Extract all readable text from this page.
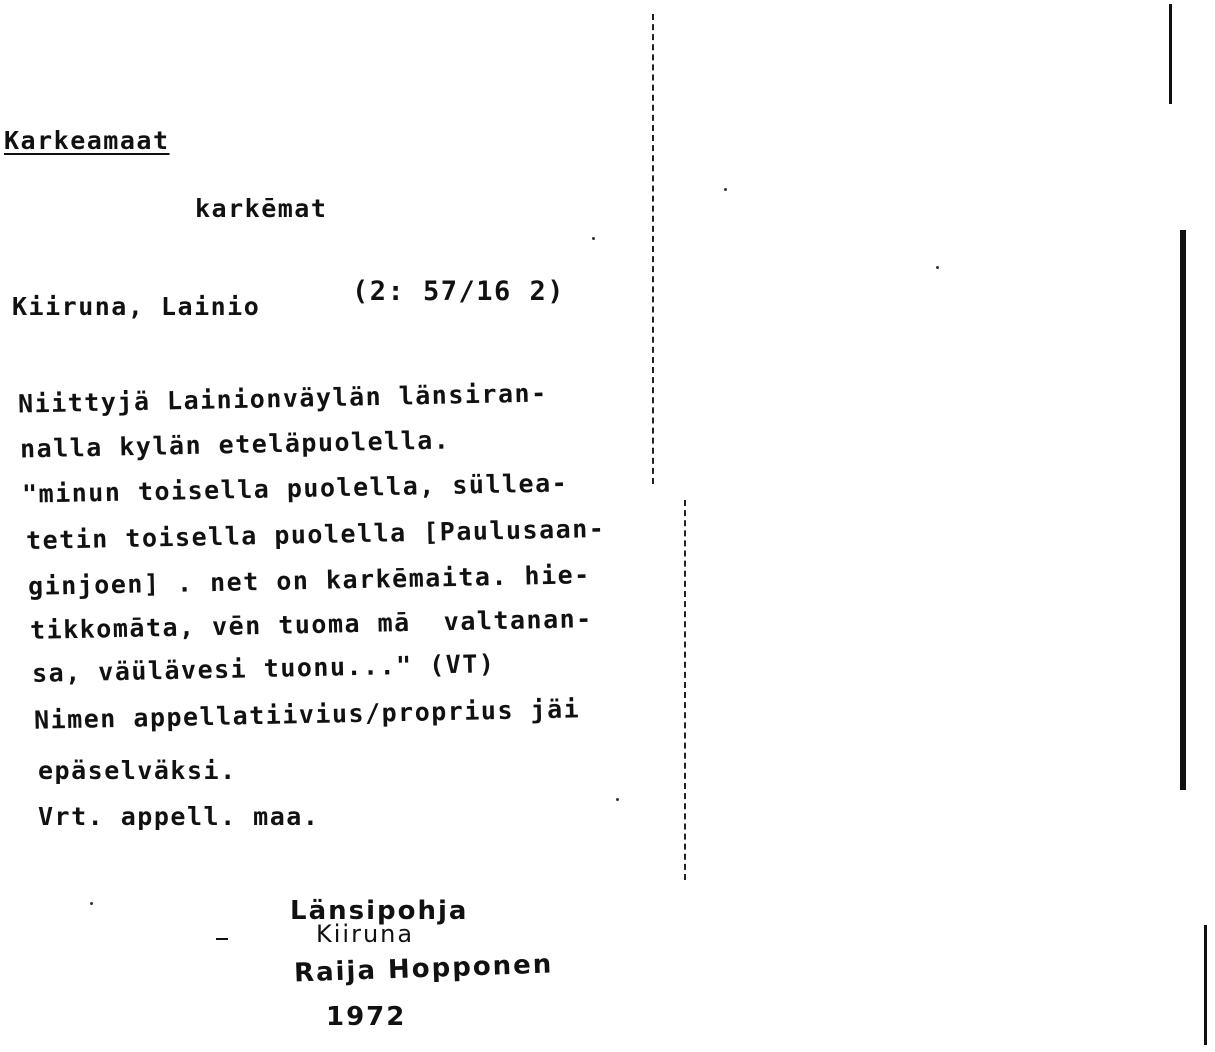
Karkeamaat
karkēmat
Kiiruna, Lainio	(2: 57/16 2)
Niittyjä Lainionväylän länsiran-
nalla kylän eteläpuolella.
"minun toisella puolella, süllea-
tetin toisella puolella [Paulusaan-
ginjoen] . net on karkēmaita. hie-
tikkomāta, vēn tuoma mā  valtanan-
sa, väülävesi tuonu..." (VT)
Nimen appellatiivius/proprius jäi
epäselväksi.
Vrt. appell. maa.
Länsipohja
Kiiruna
Raija Hopponen
1972
